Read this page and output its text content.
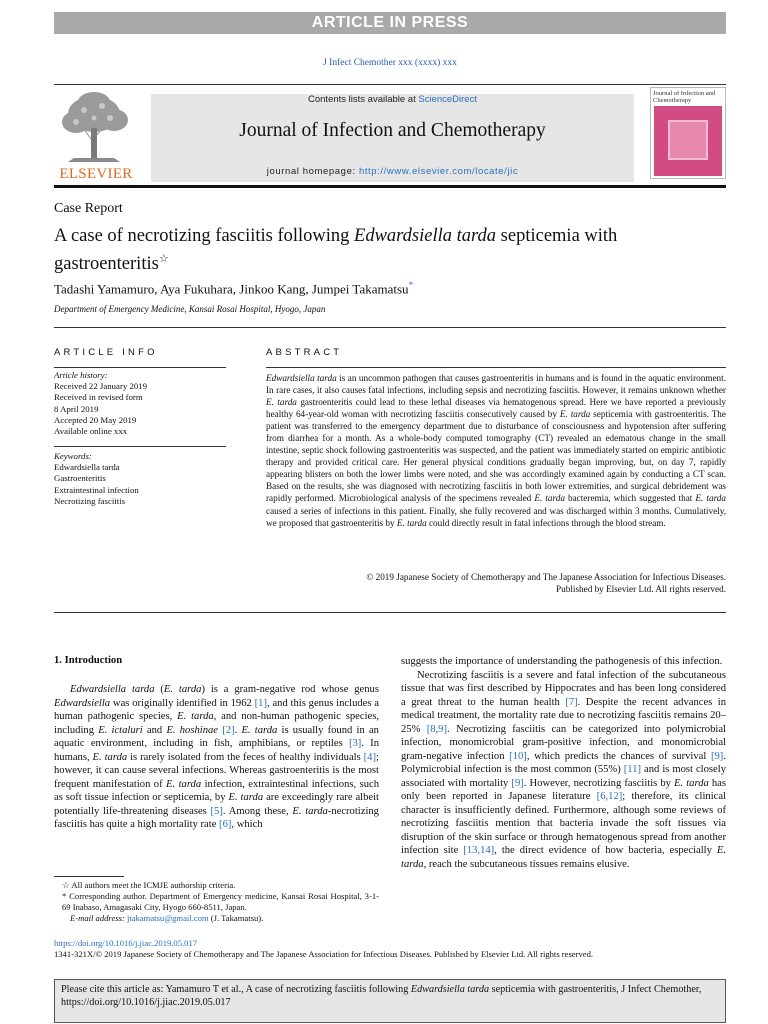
ARTICLE IN PRESS
J Infect Chemother xxx (xxxx) xxx
ELSEVIER
Contents lists available at ScienceDirect
Journal of Infection and Chemotherapy
journal homepage: http://www.elsevier.com/locate/jic
Journal of Infection and Chemotherapy
Case Report
A case of necrotizing fasciitis following Edwardsiella tarda septicemia with gastroenteritis☆
Tadashi Yamamuro, Aya Fukuhara, Jinkoo Kang, Jumpei Takamatsu*
Department of Emergency Medicine, Kansai Rosai Hospital, Hyogo, Japan
ARTICLE INFO
Article history:
Received 22 January 2019
Received in revised form
8 April 2019
Accepted 20 May 2019
Available online xxx
Keywords:
Edwardsiella tarda
Gastroenteritis
Extraintestinal infection
Necrotizing fasciitis
ABSTRACT
Edwardsiella tarda is an uncommon pathogen that causes gastroenteritis in humans and is found in the aquatic environment. In rare cases, it also causes fatal infections, including sepsis and necrotizing fasciitis. However, it remains unknown whether E. tarda gastroenteritis could lead to these lethal diseases via hematogenous spread. Here we have reported a previously healthy 64-year-old woman with necrotizing fasciitis consecutively caused by E. tarda septicemia with gastroenteritis. The patient was transferred to the emergency department due to disturbance of consciousness and hypotension after suffering from diarrhea for a month. As a whole-body computed tomography (CT) revealed an edematous change in the small intestine, septic shock following gastroenteritis was suspected, and the patient was immediately started on empiric antibiotic therapy and provided critical care. Her general physical conditions gradually began improving, but, on day 7, rapidly appearing blisters on both the lower limbs were noted, and she was accordingly examined again by conducting a CT scan. Based on the results, she was diagnosed with necrotizing fasciitis in both lower extremities, and surgical debridement was rapidly performed. Microbiological analysis of the specimens revealed E. tarda bacteremia, which suggested that E. tarda caused a series of infections in this patient. Finally, she fully recovered and was discharged within 3 months. Cumulatively, we proposed that gastroenteritis by E. tarda could directly result in fatal infections through the blood stream.
© 2019 Japanese Society of Chemotherapy and The Japanese Association for Infectious Diseases.
Published by Elsevier Ltd. All rights reserved.
1. Introduction

Edwardsiella tarda (E. tarda) is a gram-negative rod whose genus Edwardsiella was originally identified in 1962 [1], and this genus includes a human pathogenic species, E. tarda, and non-human pathogenic species, including E. ictaluri and E. hoshinae [2]. E. tarda is usually found in an aquatic environment, including in fish, amphibians, or reptiles [3]. In humans, E. tarda is rarely isolated from the feces of healthy individuals [4]; however, it can cause several infections. Whereas gastroenteritis is the most frequent manifestation of E. tarda infection, extraintestinal infections, such as soft tissue infection or septicemia, by E. tarda are exceedingly rare albeit potentially life-threatening diseases [5]. Among these, E. tarda-necrotizing fasciitis has quite a high mortality rate [6], which

suggests the importance of understanding the pathogenesis of this infection.

Necrotizing fasciitis is a severe and fatal infection of the subcutaneous tissue that was first described by Hippocrates and has been long considered a great threat to the human health [7]. Despite the recent advances in medical treatment, the mortality rate due to necrotizing fasciitis remains 20–25% [8,9]. Necrotizing fasciitis can be categorized into polymicrobial infection, monomicrobial gram-positive infection, and monomicrobial gram-negative infection [10], which predicts the chances of survival [9]. Polymicrobial infection is the most common (55%) [11] and is most closely associated with mortality [9]. However, necrotizing fasciitis by E. tarda has only been reported in Japanese literature [6,12]; therefore, its clinical character is insufficiently defined. Furthermore, although some reviews of necrotizing fasciitis mention that bacteria invade the soft tissues via disruption of the skin surface or through hematogenous spread from another infection site [13,14], the direct evidence of how bacteria, especially E. tarda, reach the subcutaneous tissues remains elusive.

☆ All authors meet the ICMJE authorship criteria.
* Corresponding author. Department of Emergency medicine, Kansai Rosai Hospital, 3-1-69 Inabaso, Amagasaki City, Hyogo 660-8511, Japan.
E-mail address: jtakamatsu@gmail.com (J. Takamatsu).
https://doi.org/10.1016/j.jiac.2019.05.017
1341-321X/© 2019 Japanese Society of Chemotherapy and The Japanese Association for Infectious Diseases. Published by Elsevier Ltd. All rights reserved.
Please cite this article as: Yamamuro T et al., A case of necrotizing fasciitis following Edwardsiella tarda septicemia with gastroenteritis, J Infect Chemother, https://doi.org/10.1016/j.jiac.2019.05.017
